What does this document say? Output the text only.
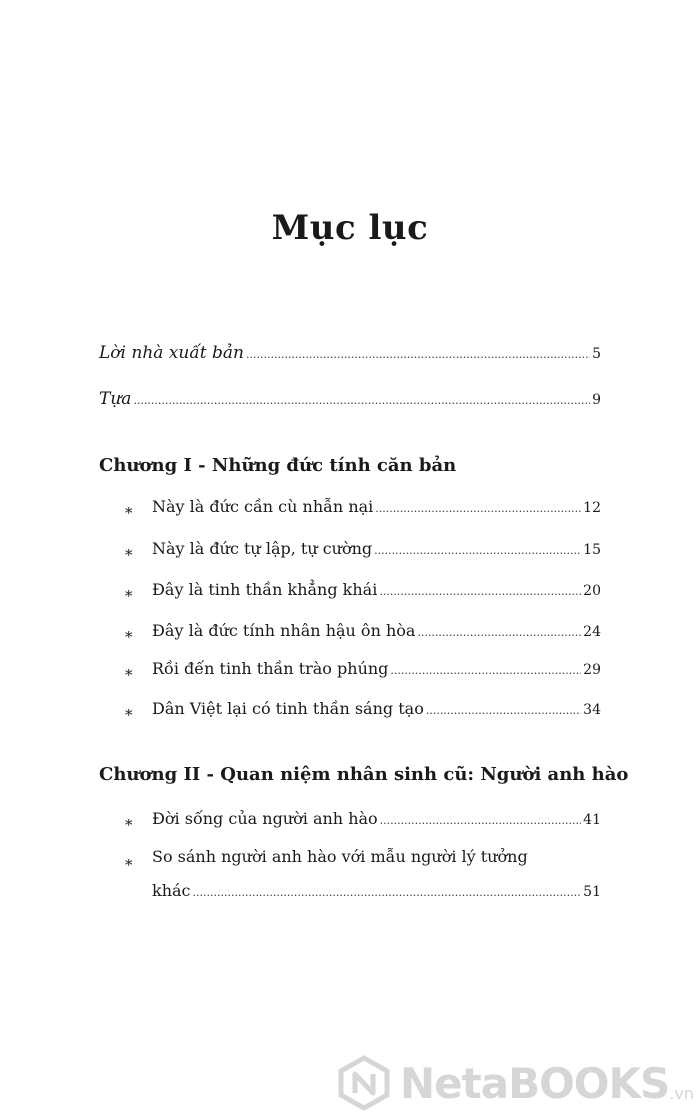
Mục lục
Lời nhà xuất bản .....	5
Tựa .....	9
Chương I - Những đức tính căn bản
* Này là đức cần cù nhẫn nại .....	12
* Này là đức tự lập, tự cường .....	15
* Đây là tinh thần khẳng khái .....	20
* Đây là đức tính nhân hậu ôn hòa .....	24
* Rồi đến tinh thần trào phúng .....	29
* Dân Việt lại có tinh thần sáng tạo .....	34
Chương II - Quan niệm nhân sinh cũ: Người anh hào
* Đời sống của người anh hào .....	41
* So sánh người anh hào với mẫu người lý tưởng
khác .....	51
NetaBOOKS .vn
